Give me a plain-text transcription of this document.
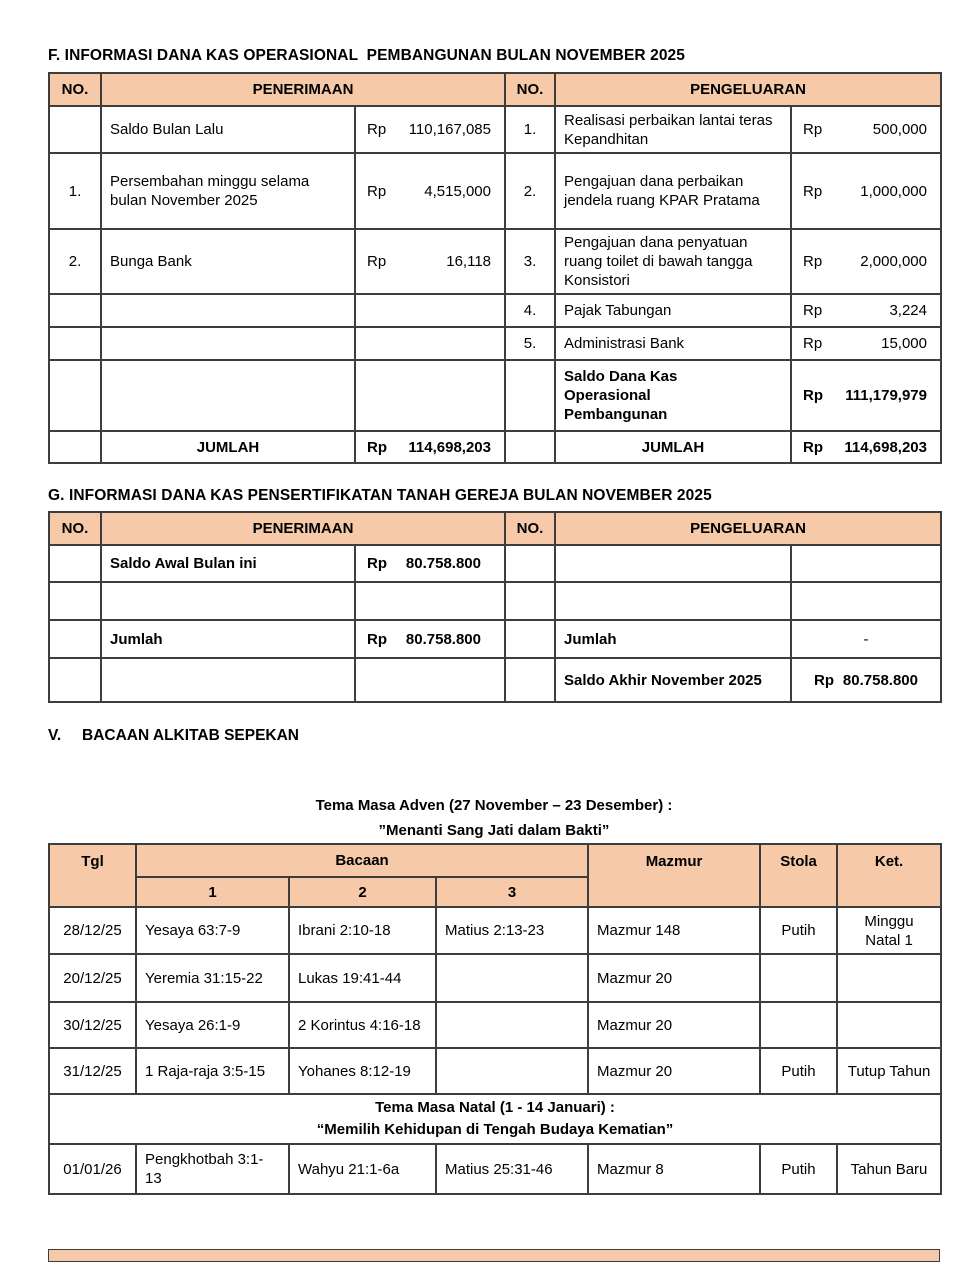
F. INFORMASI DANA KAS OPERASIONAL  PEMBANGUNAN BULAN NOVEMBER 2025
NO.	PENERIMAAN		NO.	PENGELUARAN	
	Saldo Bulan Lalu	Rp 110,167,085	1.	Realisasi perbaikan lantai teras Kepandhitan	Rp 500,000

1.	Persembahan minggu selama bulan November 2025	Rp 4,515,000	2.	Pengajuan dana perbaikan jendela ruang KPAR Pratama	Rp 1,000,000

2.	Bunga Bank	Rp 16,118	3.	Pengajuan dana penyatuan ruang toilet di bawah tangga Konsistori	Rp 2,000,000

			4.	Pajak Tabungan	Rp 3,224

			5.	Administrasi Bank	Rp 15,000

				Saldo Dana Kas Operasional Pembangunan	Rp 111,179,979

	JUMLAH	Rp 114,698,203		JUMLAH	Rp 114,698,203
G. INFORMASI DANA KAS PENSERTIFIKATAN TANAH GEREJA BULAN NOVEMBER 2025
NO.	PENERIMAAN		NO.	PENGELUARAN	
	Saldo Awal Bulan ini	Rp 80.758.800			

	Jumlah	Rp 80.758.800		Jumlah	-
				Saldo Akhir November 2025	Rp 80.758.800
V. BACAAN ALKITAB SEPEKAN
Tema Masa Adven (27 November – 23 Desember) :
”Menanti Sang Jati dalam Bakti”
Tgl	Bacaan			Mazmur	Stola	Ket.
	1	2	3			
28/12/25	Yesaya 63:7-9	Ibrani 2:10-18	Matius 2:13-23	Mazmur 148	Putih	Minggu Natal 1
20/12/25	Yeremia 31:15-22	Lukas 19:41-44		Mazmur 20		
30/12/25	Yesaya 26:1-9	2 Korintus 4:16-18		Mazmur 20		
31/12/25	1 Raja-raja 3:5-15	Yohanes 8:12-19		Mazmur 20	Putih	Tutup Tahun

Tema Masa Natal (1 - 14 Januari) :
“Memilih Kehidupan di Tengah Budaya Kematian”						

01/01/26	Pengkhotbah 3:1-13	Wahyu 21:1-6a	Matius 25:31-46	Mazmur 8	Putih	Tahun Baru
